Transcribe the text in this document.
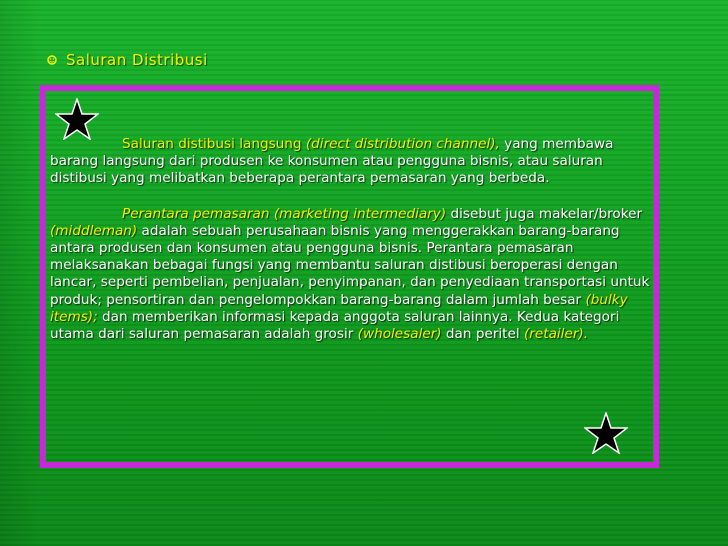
Saluran Distribusi

Saluran distibusi langsung (direct distribution channel), yang membawa barang langsung dari produsen ke konsumen atau pengguna bisnis, atau saluran distibusi yang melibatkan beberapa perantara pemasaran yang berbeda.

Perantara pemasaran (marketing intermediary) disebut juga makelar/broker (middleman) adalah sebuah perusahaan bisnis yang menggerakkan barang-barang antara produsen dan konsumen atau pengguna bisnis. Perantara pemasaran melaksanakan bebagai fungsi yang membantu saluran distibusi beroperasi dengan lancar, seperti pembelian, penjualan, penyimpanan, dan penyediaan transportasi untuk produk; pensortiran dan pengelompokkan barang-barang dalam jumlah besar (bulky items); dan memberikan informasi kepada anggota saluran lainnya. Kedua kategori utama dari saluran pemasaran adalah grosir (wholesaler) dan peritel (retailer).
